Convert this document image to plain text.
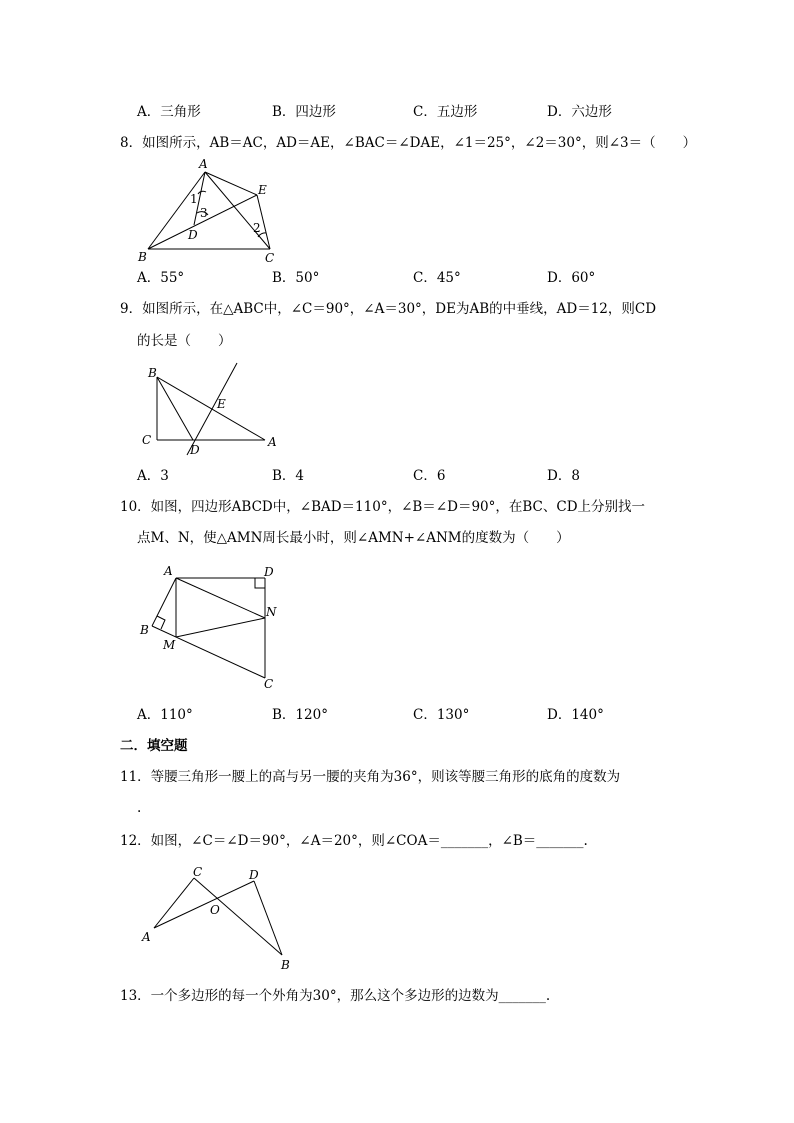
A．三角形	B．四边形	C．五边形	D．六边形
8．如图所示，AB＝AC，AD＝AE，∠BAC＝∠DAE，∠1＝25°，∠2＝30°，则∠3＝（　　）
A
B	C
D
E
1
2
3
A．55°	B．50°	C．45°	D．60°
9．如图所示，在△ABC中，∠C＝90°，∠A＝30°，DE为AB的中垂线，AD＝12，则CD
的长是（　　）
B
C
D
E
A
A．3	B．4	C．6	D．8
10．如图，四边形ABCD中，∠BAD＝110°，∠B＝∠D＝90°，在BC、CD上分别找一
点M、N，使△AMN周长最小时，则∠AMN+∠ANM的度数为（　　）
A
B
C
D
M
N
A．110°	B．120°	C．130°	D．140°
二．填空题
11．等腰三角形一腰上的高与另一腰的夹角为36°，则该等腰三角形的底角的度数为
.
12．如图，∠C＝∠D＝90°，∠A＝20°，则∠COA＝_______，∠B＝_______.
C	D
O
A
B
13．一个多边形的每一个外角为30°，那么这个多边形的边数为_______.
